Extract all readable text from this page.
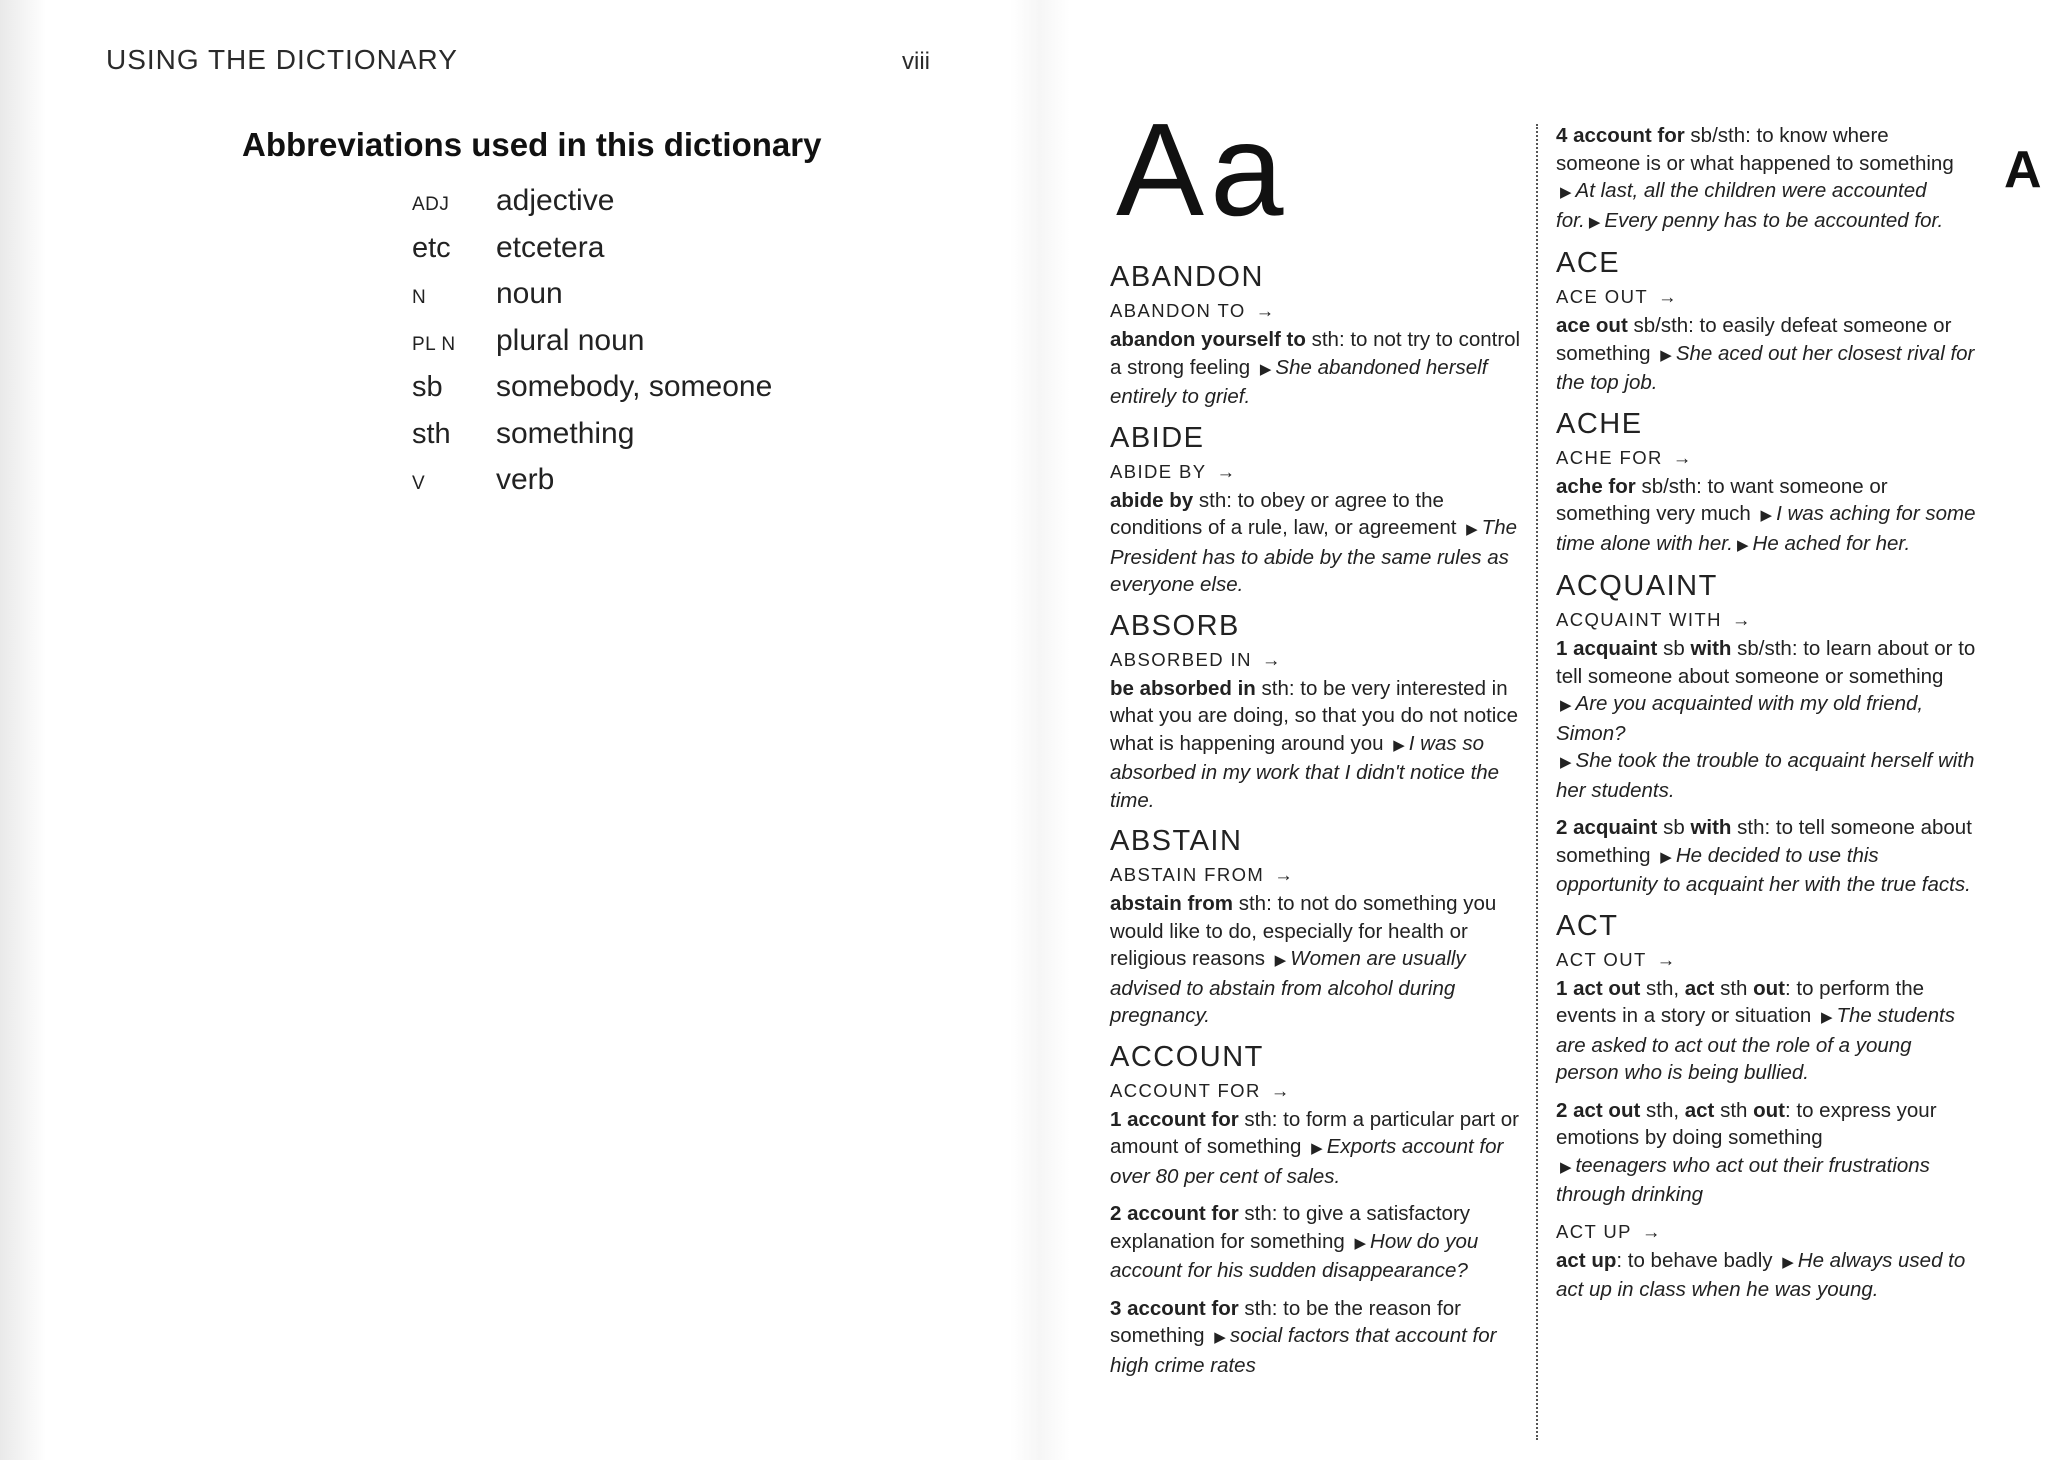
USING THE DICTIONARY	viii
Abbreviations used in this dictionary
ADJ	adjective
etc	etcetera
N	noun
PL N	plural noun
sb	somebody, someone
sth	something
V	verb
Aa	A
ABANDON
ABANDON TO →
abandon yourself to sth: to not try to control a strong feeling ▶ She abandoned herself entirely to grief.
ABIDE
ABIDE BY →
abide by sth: to obey or agree to the conditions of a rule, law, or agreement ▶ The President has to abide by the same rules as everyone else.
ABSORB
ABSORBED IN →
be absorbed in sth: to be very interested in what you are doing, so that you do not notice what is happening around you ▶ I was so absorbed in my work that I didn't notice the time.
ABSTAIN
ABSTAIN FROM →
abstain from sth: to not do something you would like to do, especially for health or religious reasons ▶ Women are usually advised to abstain from alcohol during pregnancy.
ACCOUNT
ACCOUNT FOR →
1 account for sth: to form a particular part or amount of something ▶ Exports account for over 80 per cent of sales.
2 account for sth: to give a satisfactory explanation for something ▶ How do you account for his sudden disappearance?
3 account for sth: to be the reason for something ▶ social factors that account for high crime rates
4 account for sb/sth: to know where someone is or what happened to something ▶ At last, all the children were accounted for. ▶ Every penny has to be accounted for.
ACE
ACE OUT →
ace out sb/sth: to easily defeat someone or something ▶ She aced out her closest rival for the top job.
ACHE
ACHE FOR →
ache for sb/sth: to want someone or something very much ▶ I was aching for some time alone with her. ▶ He ached for her.
ACQUAINT
ACQUAINT WITH →
1 acquaint sb with sb/sth: to learn about or to tell someone about someone or something ▶ Are you acquainted with my old friend, Simon?
▶ She took the trouble to acquaint herself with her students.
2 acquaint sb with sth: to tell someone about something ▶ He decided to use this opportunity to acquaint her with the true facts.
ACT
ACT OUT →
1 act out sth, act sth out: to perform the events in a story or situation ▶ The students are asked to act out the role of a young person who is being bullied.
2 act out sth, act sth out: to express your emotions by doing something
▶ teenagers who act out their frustrations through drinking
ACT UP →
act up: to behave badly ▶ He always used to act up in class when he was young.
